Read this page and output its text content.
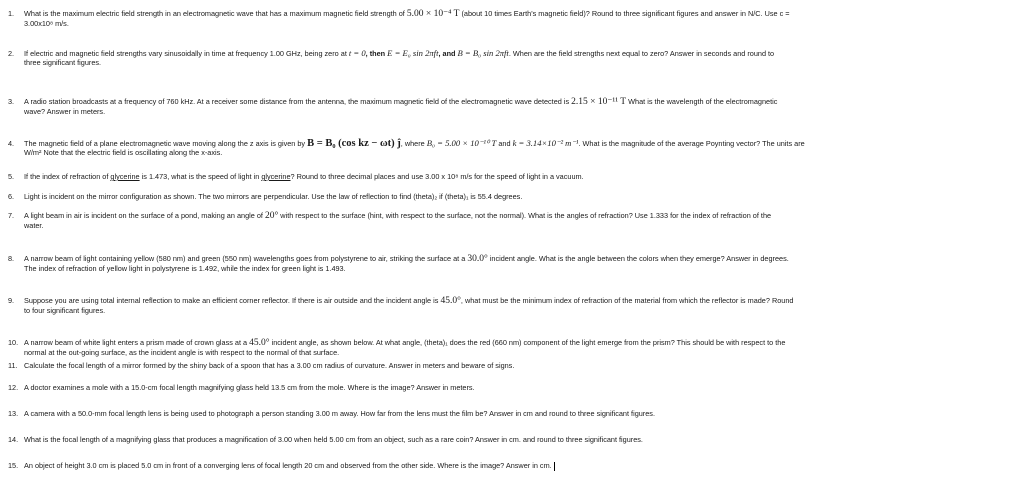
1. What is the maximum electric field strength in an electromagnetic wave that has a maximum magnetic field strength of 5.00 × 10⁻⁴ T (about 10 times Earth's magnetic field)? Round to three significant figures and answer in N/C. Use c =
3.00x10⁸ m/s.
2. If electric and magnetic field strengths vary sinusoidally in time at frequency 1.00 GHz, being zero at t = 0, then E = E₀ sin 2πft, and B = B₀ sin 2πft. When are the field strengths next equal to zero? Answer in seconds and round to
three significant figures.
3. A radio station broadcasts at a frequency of 760 kHz. At a receiver some distance from the antenna, the maximum magnetic field of the electromagnetic wave detected is 2.15 × 10⁻¹¹ T What is the wavelength of the electromagnetic
wave? Answer in meters.
4. The magnetic field of a plane electromagnetic wave moving along the z axis is given by B = B₀ (cos kz − ωt) ĵ, where B₀ = 5.00 × 10⁻¹⁰ T and k = 3.14×10⁻² m⁻¹. What is the magnitude of the average Poynting vector? The units are
W/m² Note that the electric field is oscillating along the x-axis.
5. If the index of refraction of glycerine is 1.473, what is the speed of light in glycerine? Round to three decimal places and use 3.00 x 10⁸ m/s for the speed of light in a vacuum.
6. Light is incident on the mirror configuration as shown. The two mirrors are perpendicular. Use the law of reflection to find (theta)₂ if (theta)₁ is 55.4 degrees.
7. A light beam in air is incident on the surface of a pond, making an angle of 20° with respect to the surface (hint, with respect to the surface, not the normal). What is the angles of refraction? Use 1.333 for the index of refraction of the
water.
8. A narrow beam of light containing yellow (580 nm) and green (550 nm) wavelengths goes from polystyrene to air, striking the surface at a 30.0° incident angle. What is the angle between the colors when they emerge? Answer in degrees.
The index of refraction of yellow light in polystyrene is 1.492, while the index for green light is 1.493.
9. Suppose you are using total internal reflection to make an efficient corner reflector. If there is air outside and the incident angle is 45.0°, what must be the minimum index of refraction of the material from which the reflector is made? Round
to four significant figures.
10. A narrow beam of white light enters a prism made of crown glass at a 45.0° incident angle, as shown below. At what angle, (theta)₁ does the red (660 nm) component of the light emerge from the prism? This should be with respect to the
normal at the out-going surface, as the incident angle is with respect to the normal of that surface.
11. Calculate the focal length of a mirror formed by the shiny back of a spoon that has a 3.00 cm radius of curvature. Answer in meters and beware of signs.
12. A doctor examines a mole with a 15.0-cm focal length magnifying glass held 13.5 cm from the mole. Where is the image? Answer in meters.
13. A camera with a 50.0-mm focal length lens is being used to photograph a person standing 3.00 m away. How far from the lens must the film be? Answer in cm and round to three significant figures.
14. What is the focal length of a magnifying glass that produces a magnification of 3.00 when held 5.00 cm from an object, such as a rare coin? Answer in cm. and round to three significant figures.
15. An object of height 3.0 cm is placed 5.0 cm in front of a converging lens of focal length 20 cm and observed from the other side. Where is the image? Answer in cm.
